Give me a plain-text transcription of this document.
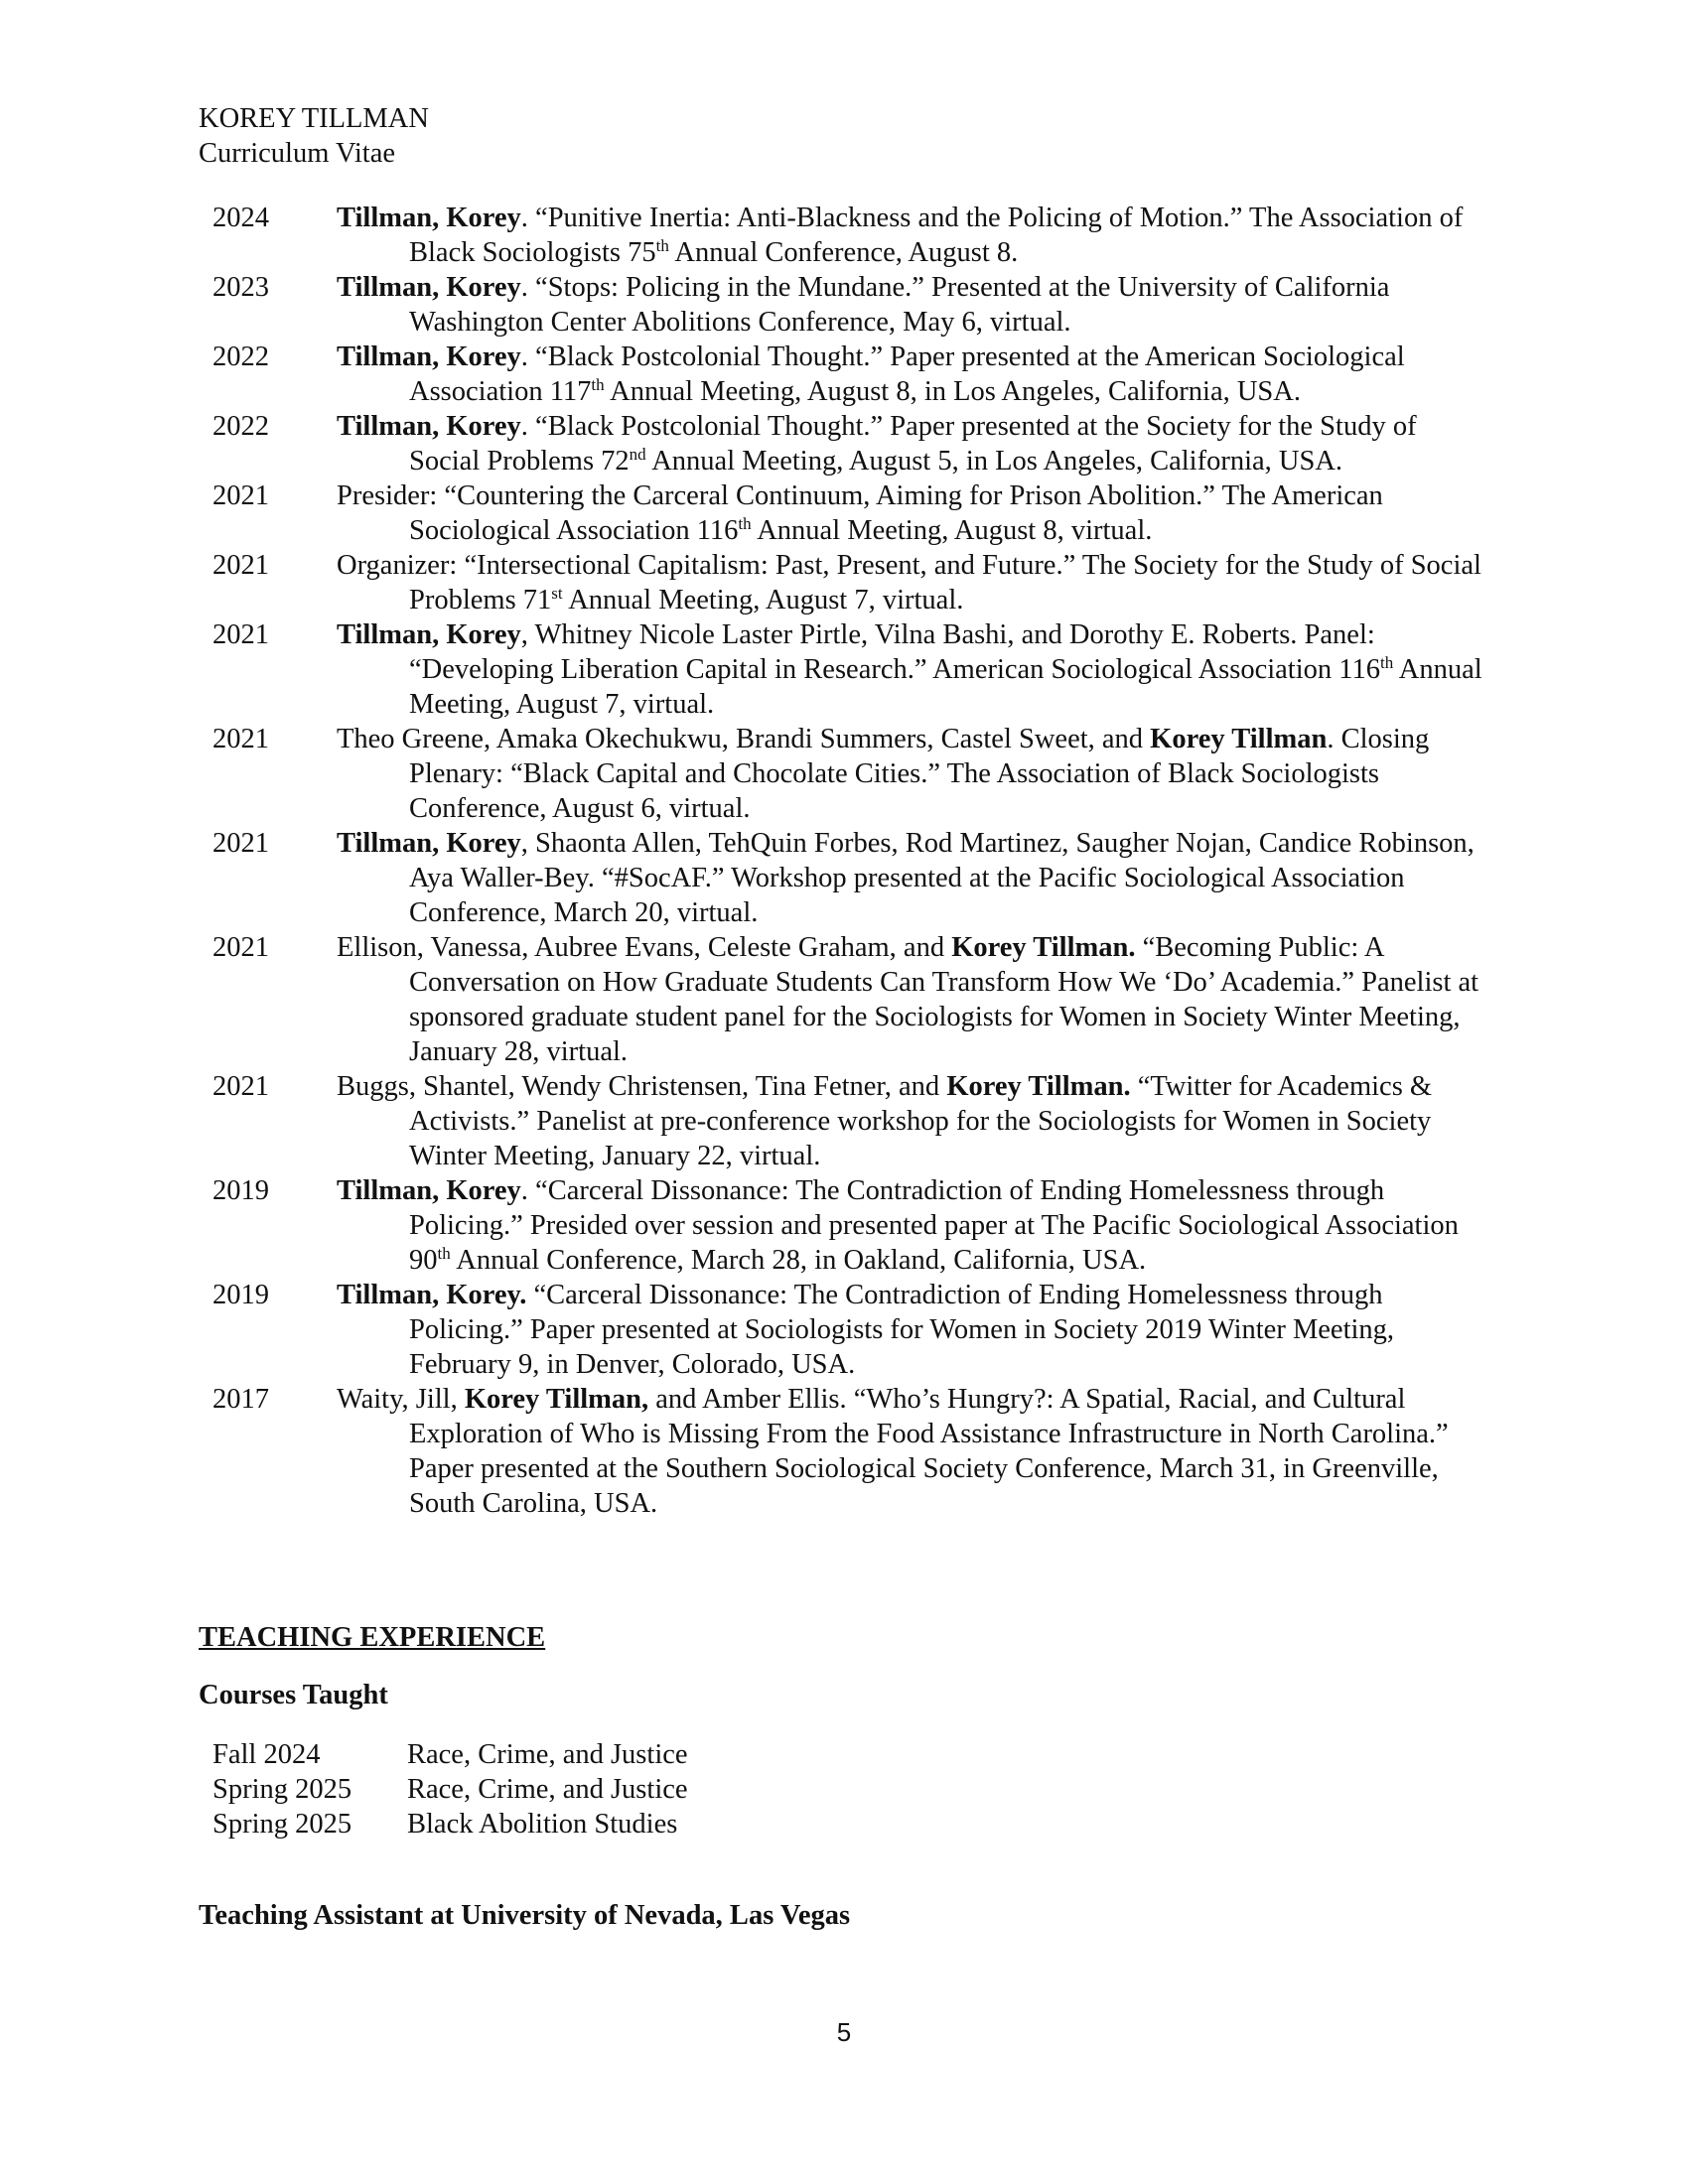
KOREY TILLMAN
Curriculum Vitae
2024 Tillman, Korey. “Punitive Inertia: Anti-Blackness and the Policing of Motion.” The Association of Black Sociologists 75th Annual Conference, August 8.
2023 Tillman, Korey. “Stops: Policing in the Mundane.” Presented at the University of California Washington Center Abolitions Conference, May 6, virtual.
2022 Tillman, Korey. “Black Postcolonial Thought.” Paper presented at the American Sociological Association 117th Annual Meeting, August 8, in Los Angeles, California, USA.
2022 Tillman, Korey. “Black Postcolonial Thought.” Paper presented at the Society for the Study of Social Problems 72nd Annual Meeting, August 5, in Los Angeles, California, USA.
2021 Presider: “Countering the Carceral Continuum, Aiming for Prison Abolition.” The American Sociological Association 116th Annual Meeting, August 8, virtual.
2021 Organizer: “Intersectional Capitalism: Past, Present, and Future.” The Society for the Study of Social Problems 71st Annual Meeting, August 7, virtual.
2021 Tillman, Korey, Whitney Nicole Laster Pirtle, Vilna Bashi, and Dorothy E. Roberts. Panel: “Developing Liberation Capital in Research.” American Sociological Association 116th Annual Meeting, August 7, virtual.
2021 Theo Greene, Amaka Okechukwu, Brandi Summers, Castel Sweet, and Korey Tillman. Closing Plenary: “Black Capital and Chocolate Cities.” The Association of Black Sociologists Conference, August 6, virtual.
2021 Tillman, Korey, Shaonta Allen, TehQuin Forbes, Rod Martinez, Saugher Nojan, Candice Robinson, Aya Waller-Bey. “#SocAF.” Workshop presented at the Pacific Sociological Association Conference, March 20, virtual.
2021 Ellison, Vanessa, Aubree Evans, Celeste Graham, and Korey Tillman. “Becoming Public: A Conversation on How Graduate Students Can Transform How We ‘Do’ Academia.” Panelist at sponsored graduate student panel for the Sociologists for Women in Society Winter Meeting, January 28, virtual.
2021 Buggs, Shantel, Wendy Christensen, Tina Fetner, and Korey Tillman. “Twitter for Academics & Activists.” Panelist at pre-conference workshop for the Sociologists for Women in Society Winter Meeting, January 22, virtual.
2019 Tillman, Korey. “Carceral Dissonance: The Contradiction of Ending Homelessness through Policing.” Presided over session and presented paper at The Pacific Sociological Association 90th Annual Conference, March 28, in Oakland, California, USA.
2019 Tillman, Korey. “Carceral Dissonance: The Contradiction of Ending Homelessness through Policing.” Paper presented at Sociologists for Women in Society 2019 Winter Meeting, February 9, in Denver, Colorado, USA.
2017 Waity, Jill, Korey Tillman, and Amber Ellis. “Who’s Hungry?: A Spatial, Racial, and Cultural Exploration of Who is Missing From the Food Assistance Infrastructure in North Carolina.” Paper presented at the Southern Sociological Society Conference, March 31, in Greenville, South Carolina, USA.
TEACHING EXPERIENCE
Courses Taught
Fall 2024	Race, Crime, and Justice
Spring 2025	Race, Crime, and Justice
Spring 2025	Black Abolition Studies
Teaching Assistant at University of Nevada, Las Vegas
5
